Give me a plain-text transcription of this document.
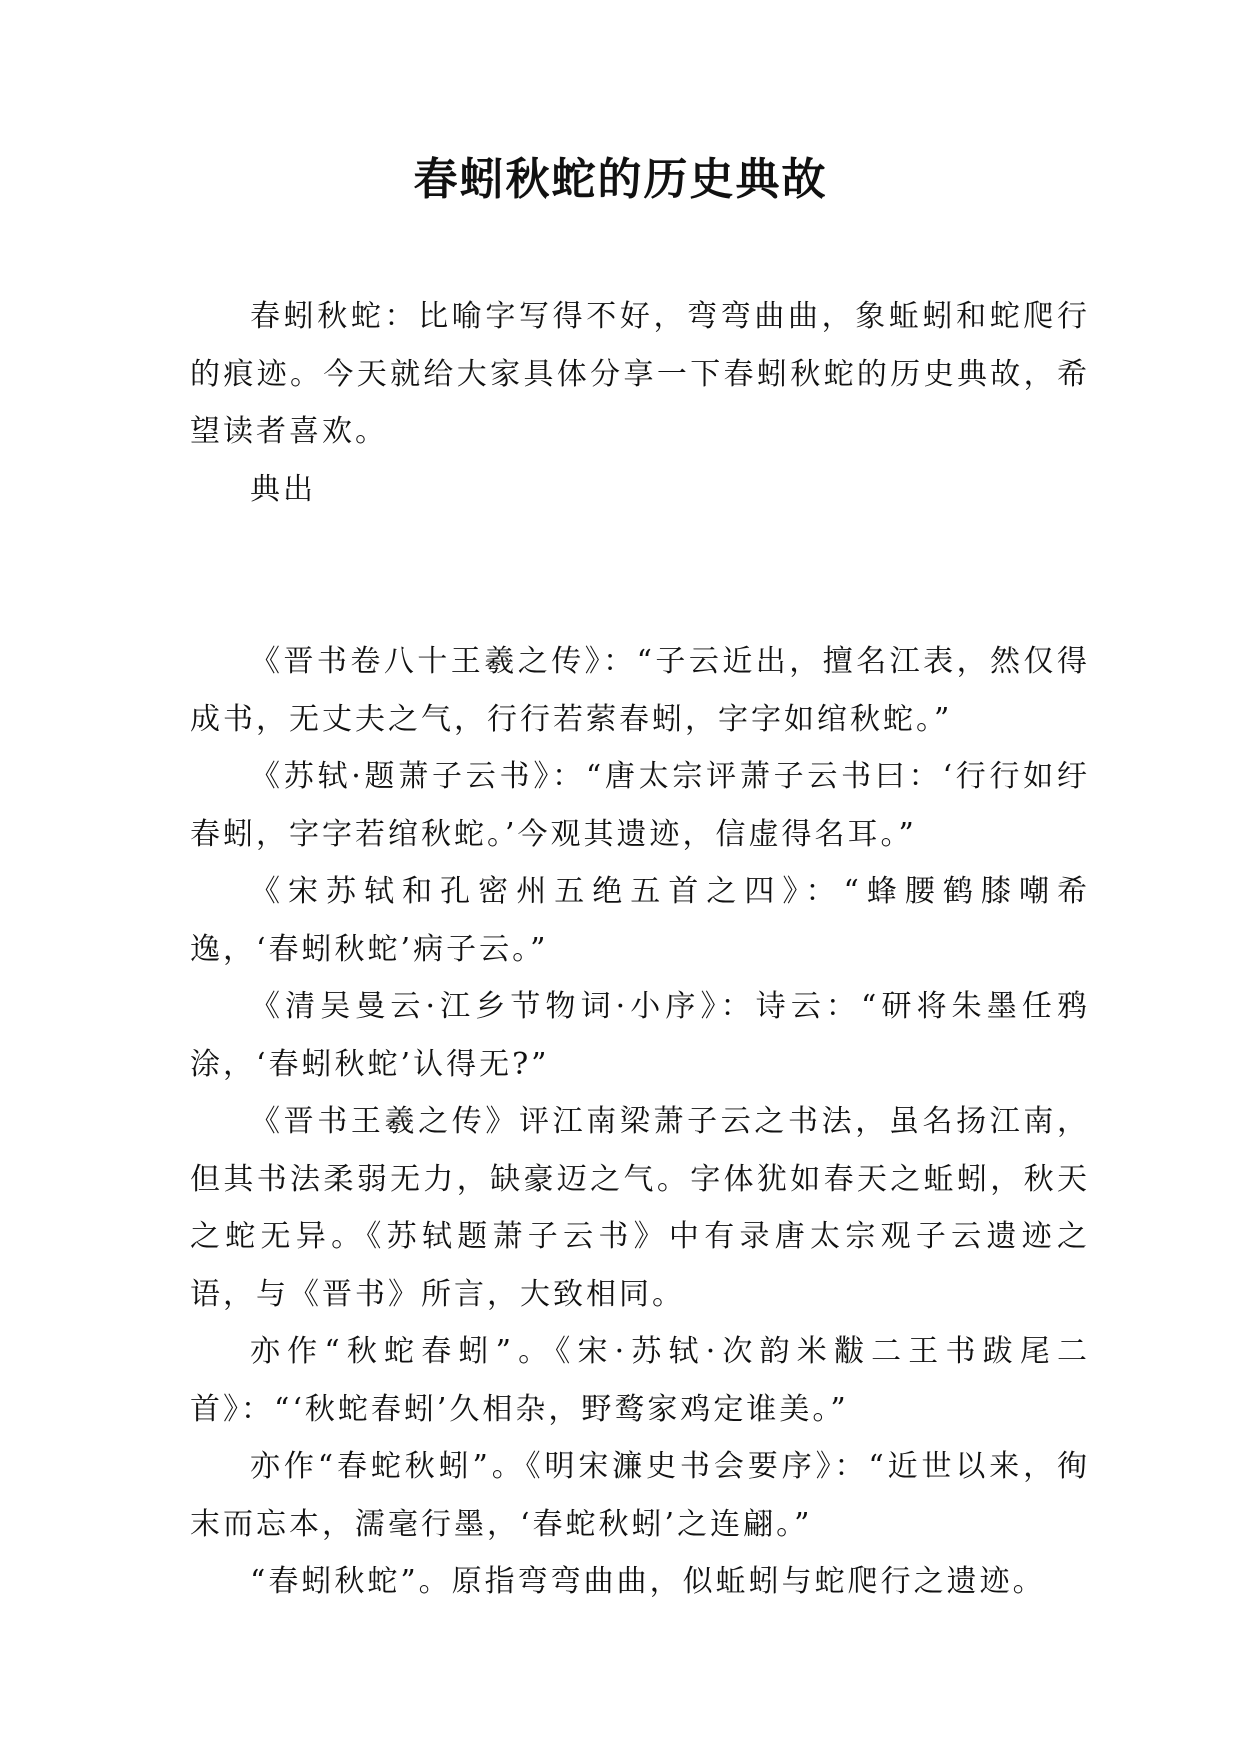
春蚓秋蛇的历史典故

春蚓秋蛇：比喻字写得不好，弯弯曲曲，象蚯蚓和蛇爬行的痕迹。今天就给大家具体分享一下春蚓秋蛇的历史典故，希望读者喜欢。

典出

《晋书卷八十王羲之传》：“子云近出，擅名江表，然仅得成书，无丈夫之气，行行若萦春蚓，字字如绾秋蛇。”

《苏轼·题萧子云书》：“唐太宗评萧子云书曰：‘行行如纡春蚓，字字若绾秋蛇。’今观其遗迹，信虚得名耳。”

《宋苏轼和孔密州五绝五首之四》：“蜂腰鹤膝嘲希逸，‘春蚓秋蛇’病子云。”

《清吴曼云·江乡节物词·小序》：诗云：“研将朱墨任鸦涂，‘春蚓秋蛇’认得无?”

《晋书王羲之传》评江南梁萧子云之书法，虽名扬江南，但其书法柔弱无力，缺豪迈之气。字体犹如春天之蚯蚓，秋天之蛇无异。《苏轼题萧子云书》中有录唐太宗观子云遗迹之语，与《晋书》所言，大致相同。

亦作“秋蛇春蚓”。《宋·苏轼·次韵米黻二王书跋尾二首》：“‘秋蛇春蚓’久相杂，野鹜家鸡定谁美。”

亦作“春蛇秋蚓”。《明宋濂史书会要序》：“近世以来，徇末而忘本，濡毫行墨，‘春蛇秋蚓’之连翩。”

“春蚓秋蛇”。原指弯弯曲曲，似蚯蚓与蛇爬行之遗迹。
